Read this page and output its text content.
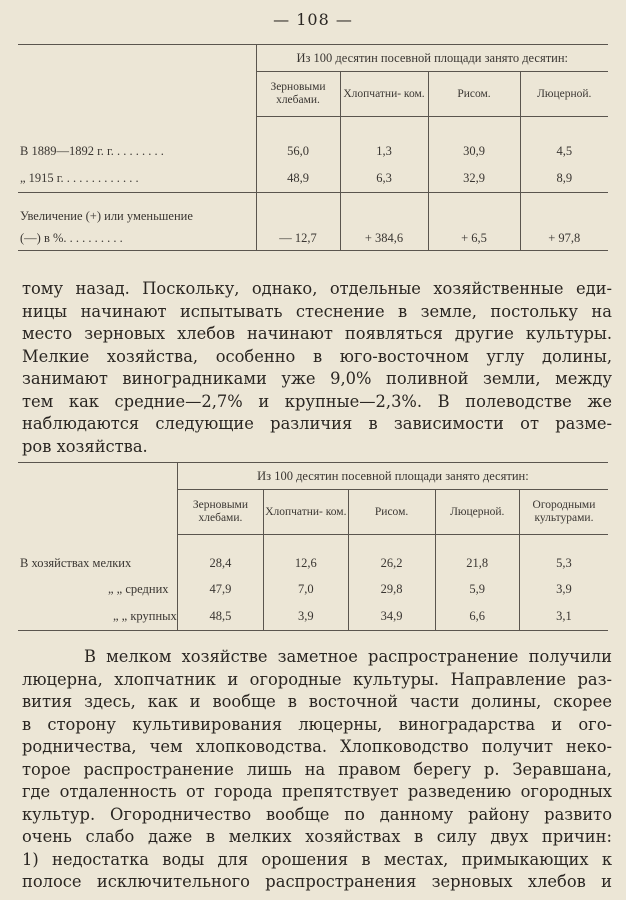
— 108 —
	Из 100 десятин посевной площади занято десятин:			
	Зерновыми хлебами.	Хлопчатни- ком.	Рисом.	Люцерной.

В 1889—1892 г. г. . . . . . . . .	56,0	1,3	30,9	4,5
„ 1915 г. . . . . . . . . . . . .	48,9	6,3	32,9	8,9

Увеличение (+) или уменьшение				
(—) в %. . . . . . . . . .	— 12,7	+ 384,6	+ 6,5	+ 97,8
тому назад. Поскольку, однако, отдельные хозяйственные еди-
ницы начинают испытывать стеснение в земле, постольку на
место зерновых хлебов начинают появляться другие культуры.
Мелкие хозяйства, особенно в юго-восточном углу долины,
занимают виноградниками уже 9,0% поливной земли, между
тем как средние—2,7% и крупные—2,3%. В полеводстве же
наблюдаются следующие различия в зависимости от разме-
ров хозяйства.
	Из 100 десятин посевной площади занято десятин:				
	Зерновыми хлебами.	Хлопчатни- ком.	Рисом.	Люцерной.	Огородными культурами.

В хозяйствах мелких	28,4	12,6	26,2	21,8	5,3
„ „ средних	47,9	7,0	29,8	5,9	3,9
„ „ крупных	48,5	3,9	34,9	6,6	3,1
В мелком хозяйстве заметное распространение получили
люцерна, хлопчатник и огородные культуры. Направление раз-
вития здесь, как и вообще в восточной части долины, скорее
в сторону культивирования люцерны, виноградарства и ого-
родничества, чем хлопководства. Хлопководство получит неко-
торое распространение лишь на правом берегу р. Зеравшана,
где отдаленность от города препятствует разведению огородных
культур. Огородничество вообще по данному району развито
очень слабо даже в мелких хозяйствах в силу двух причин:
1) недостатка воды для орошения в местах, примыкающих к
полосе исключительного распространения зерновых хлебов и
